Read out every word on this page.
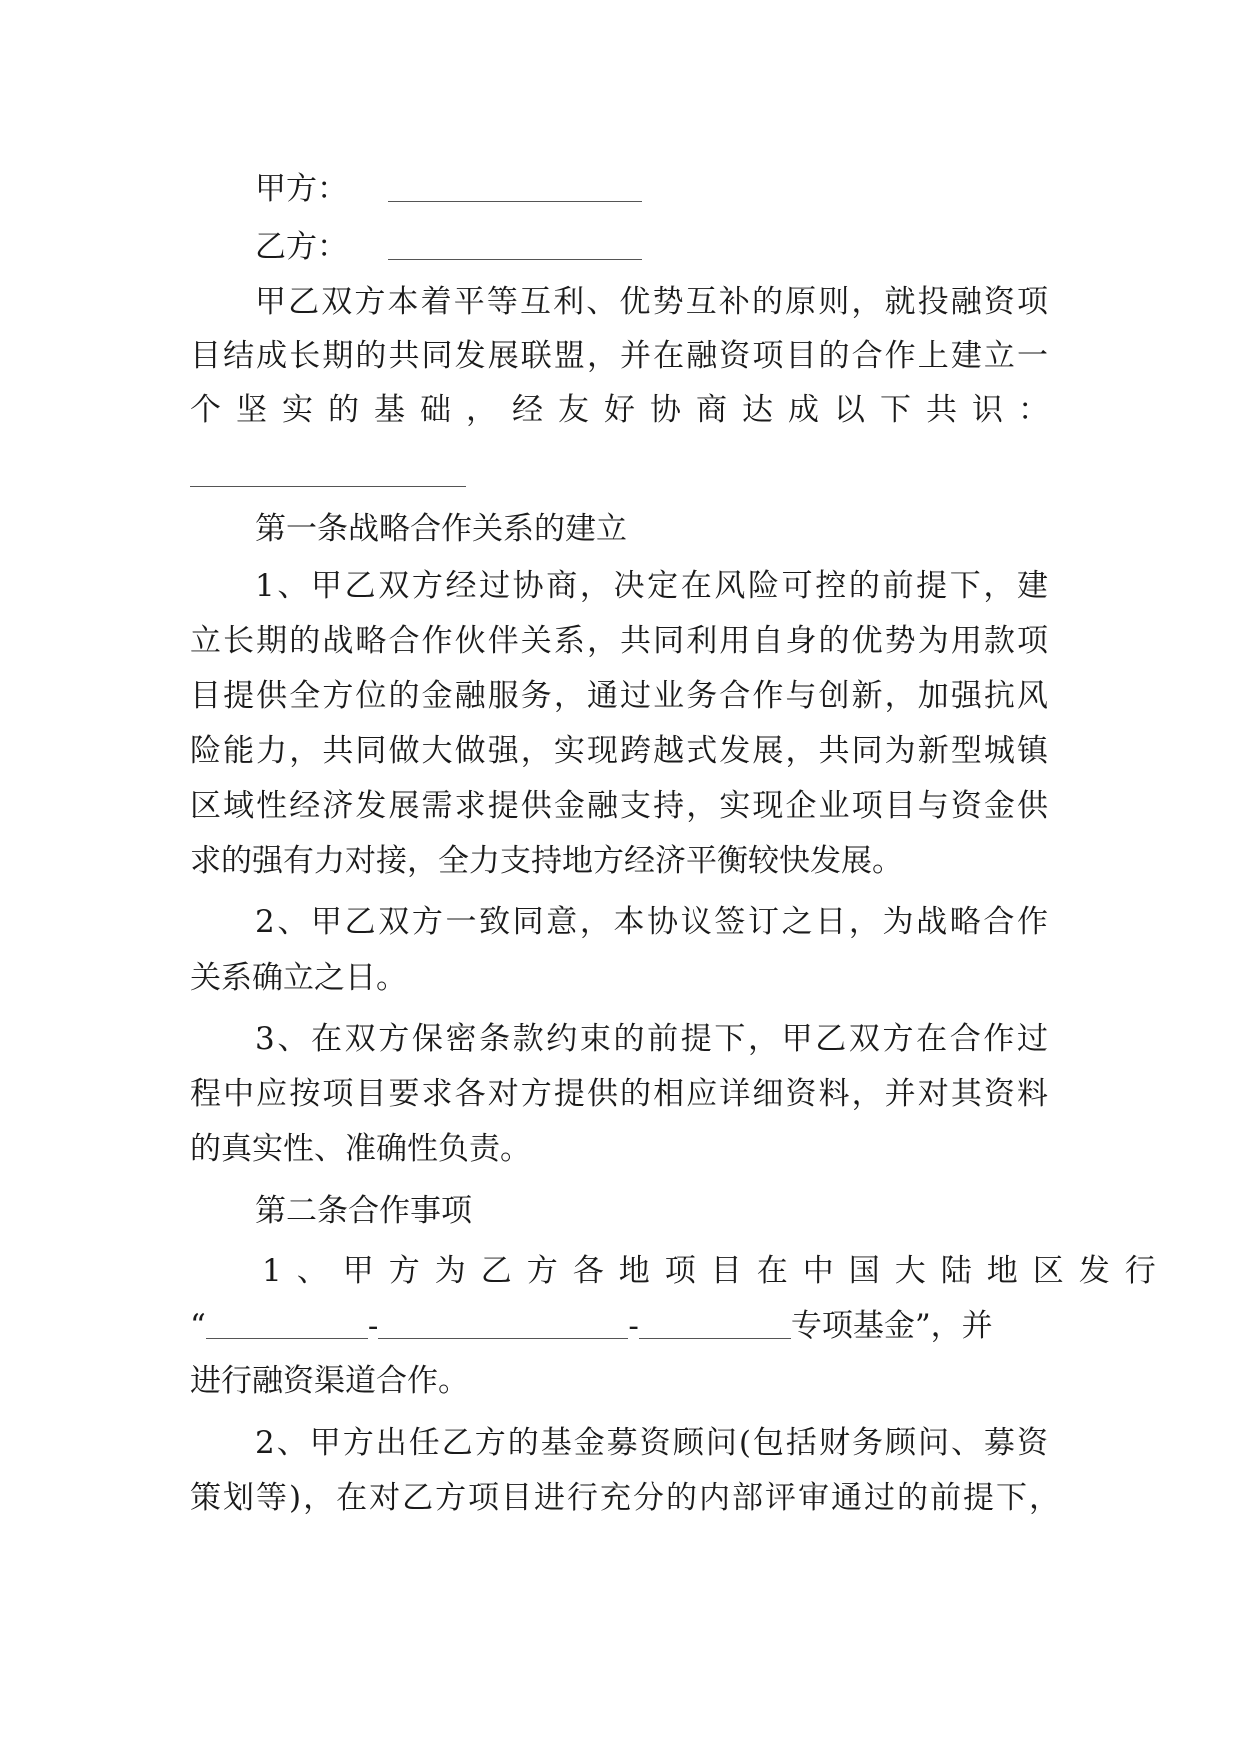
甲方：
乙方：
甲乙双方本着平等互利、优势互补的原则，就投融资项
目结成长期的共同发展联盟，并在融资项目的合作上建立一
个坚实的基础，经友好协商达成以下共识：
第一条战略合作关系的建立
1、甲乙双方经过协商，决定在风险可控的前提下，建
立长期的战略合作伙伴关系，共同利用自身的优势为用款项
目提供全方位的金融服务，通过业务合作与创新，加强抗风
险能力，共同做大做强，实现跨越式发展，共同为新型城镇
区域性经济发展需求提供金融支持，实现企业项目与资金供
求的强有力对接，全力支持地方经济平衡较快发展。
2、甲乙双方一致同意，本协议签订之日，为战略合作
关系确立之日。
3、在双方保密条款约束的前提下，甲乙双方在合作过
程中应按项目要求各对方提供的相应详细资料，并对其资料
的真实性、准确性负责。
第二条合作事项
1、甲方为乙方各地项目在中国大陆地区发行
“	-	-	专项基金”，并
进行融资渠道合作。
2、甲方出任乙方的基金募资顾问(包括财务顾问、募资
策划等)，在对乙方项目进行充分的内部评审通过的前提下，
